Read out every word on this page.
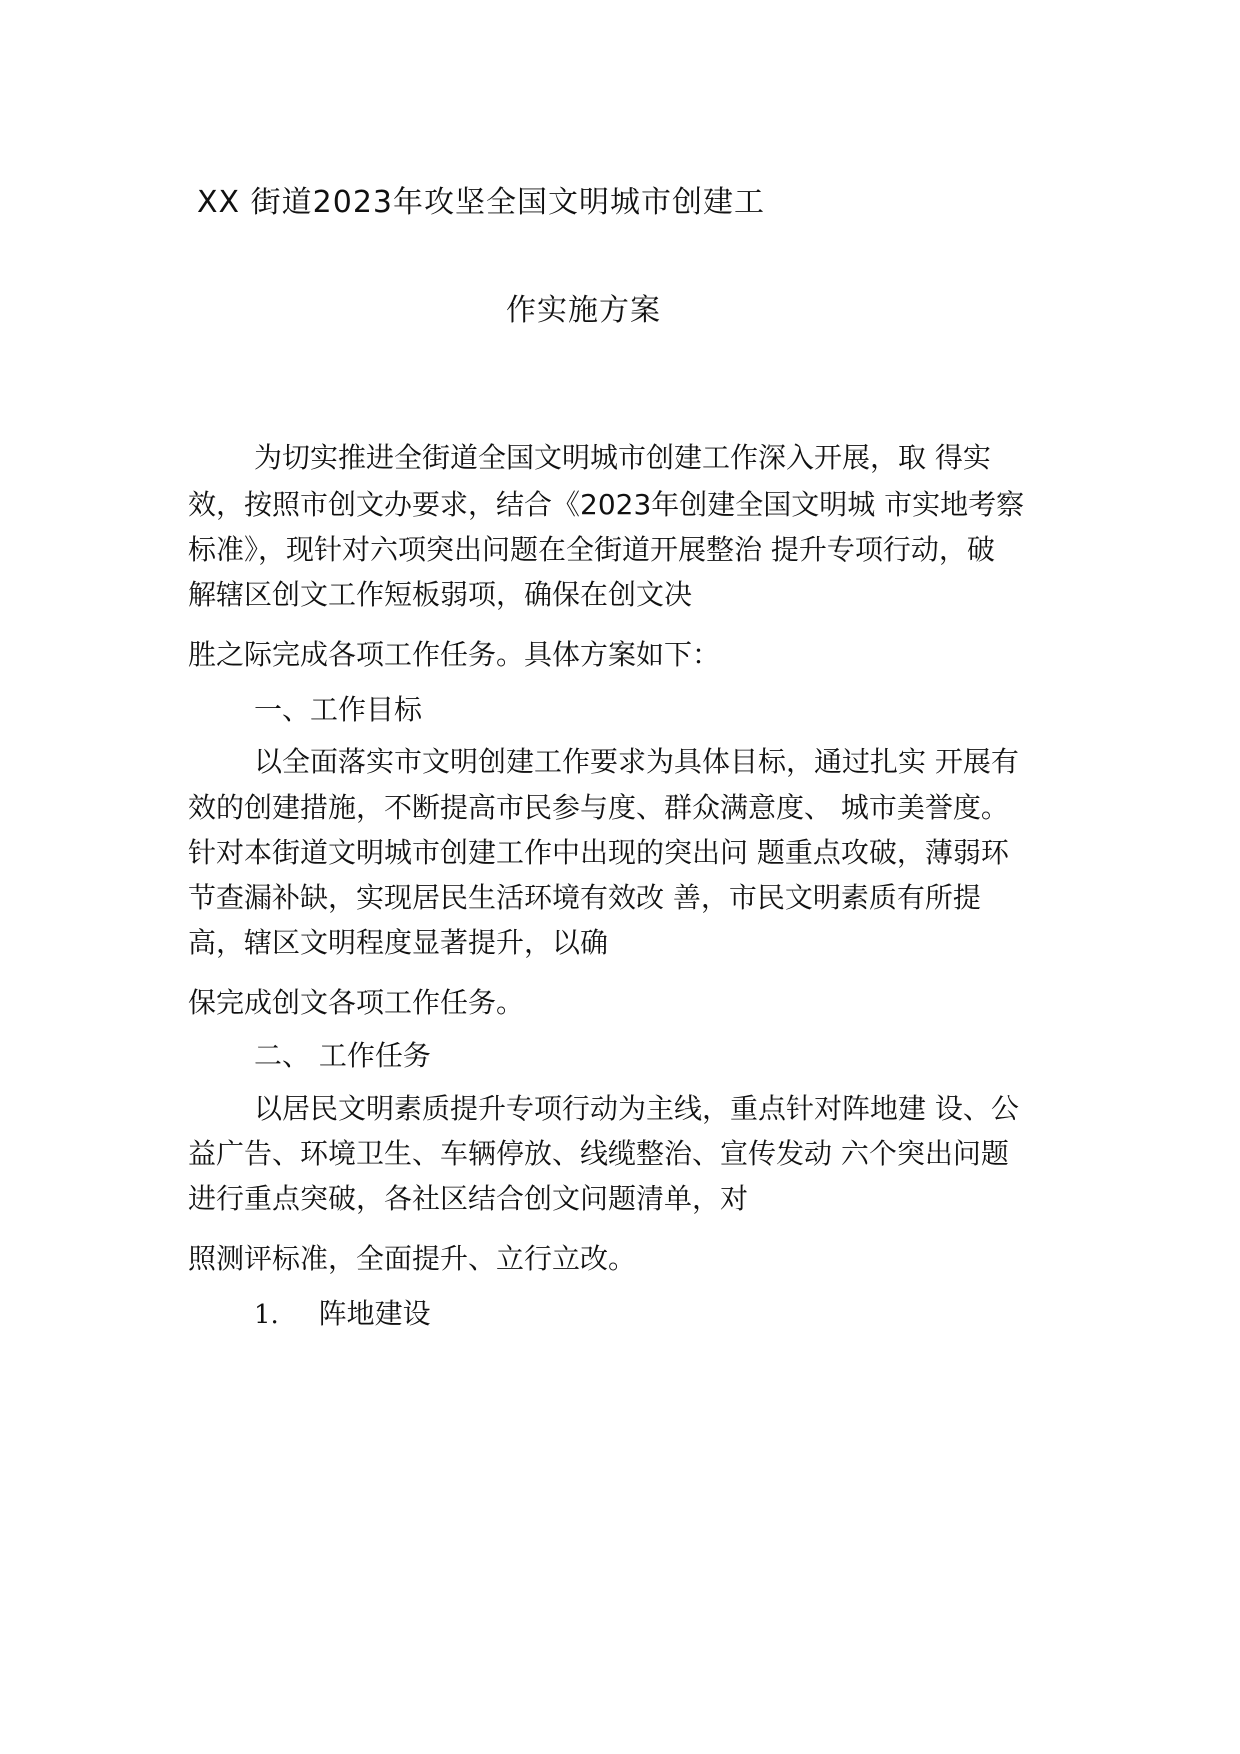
XX 街道2023年攻坚全国文明城市创建工
作实施方案
为切实推进全街道全国文明城市创建工作深入开展，取 得实
效，按照市创文办要求，结合《2023年创建全国文明城 市实地考察
标准》，现针对六项突出问题在全街道开展整治 提升专项行动，破
解辖区创文工作短板弱项，确保在创文决
胜之际完成各项工作任务。具体方案如下：
一、工作目标
以全面落实市文明创建工作要求为具体目标，通过扎实 开展有
效的创建措施，不断提高市民参与度、群众满意度、 城市美誉度。
针对本街道文明城市创建工作中出现的突出问 题重点攻破，薄弱环
节查漏补缺，实现居民生活环境有效改 善，市民文明素质有所提
高，辖区文明程度显著提升，以确
保完成创文各项工作任务。
二、 工作任务
以居民文明素质提升专项行动为主线，重点针对阵地建 设、公
益广告、环境卫生、车辆停放、线缆整治、宣传发动 六个突出问题
进行重点突破，各社区结合创文问题清单，对
照测评标准，全面提升、立行立改。
1. 阵地建设
